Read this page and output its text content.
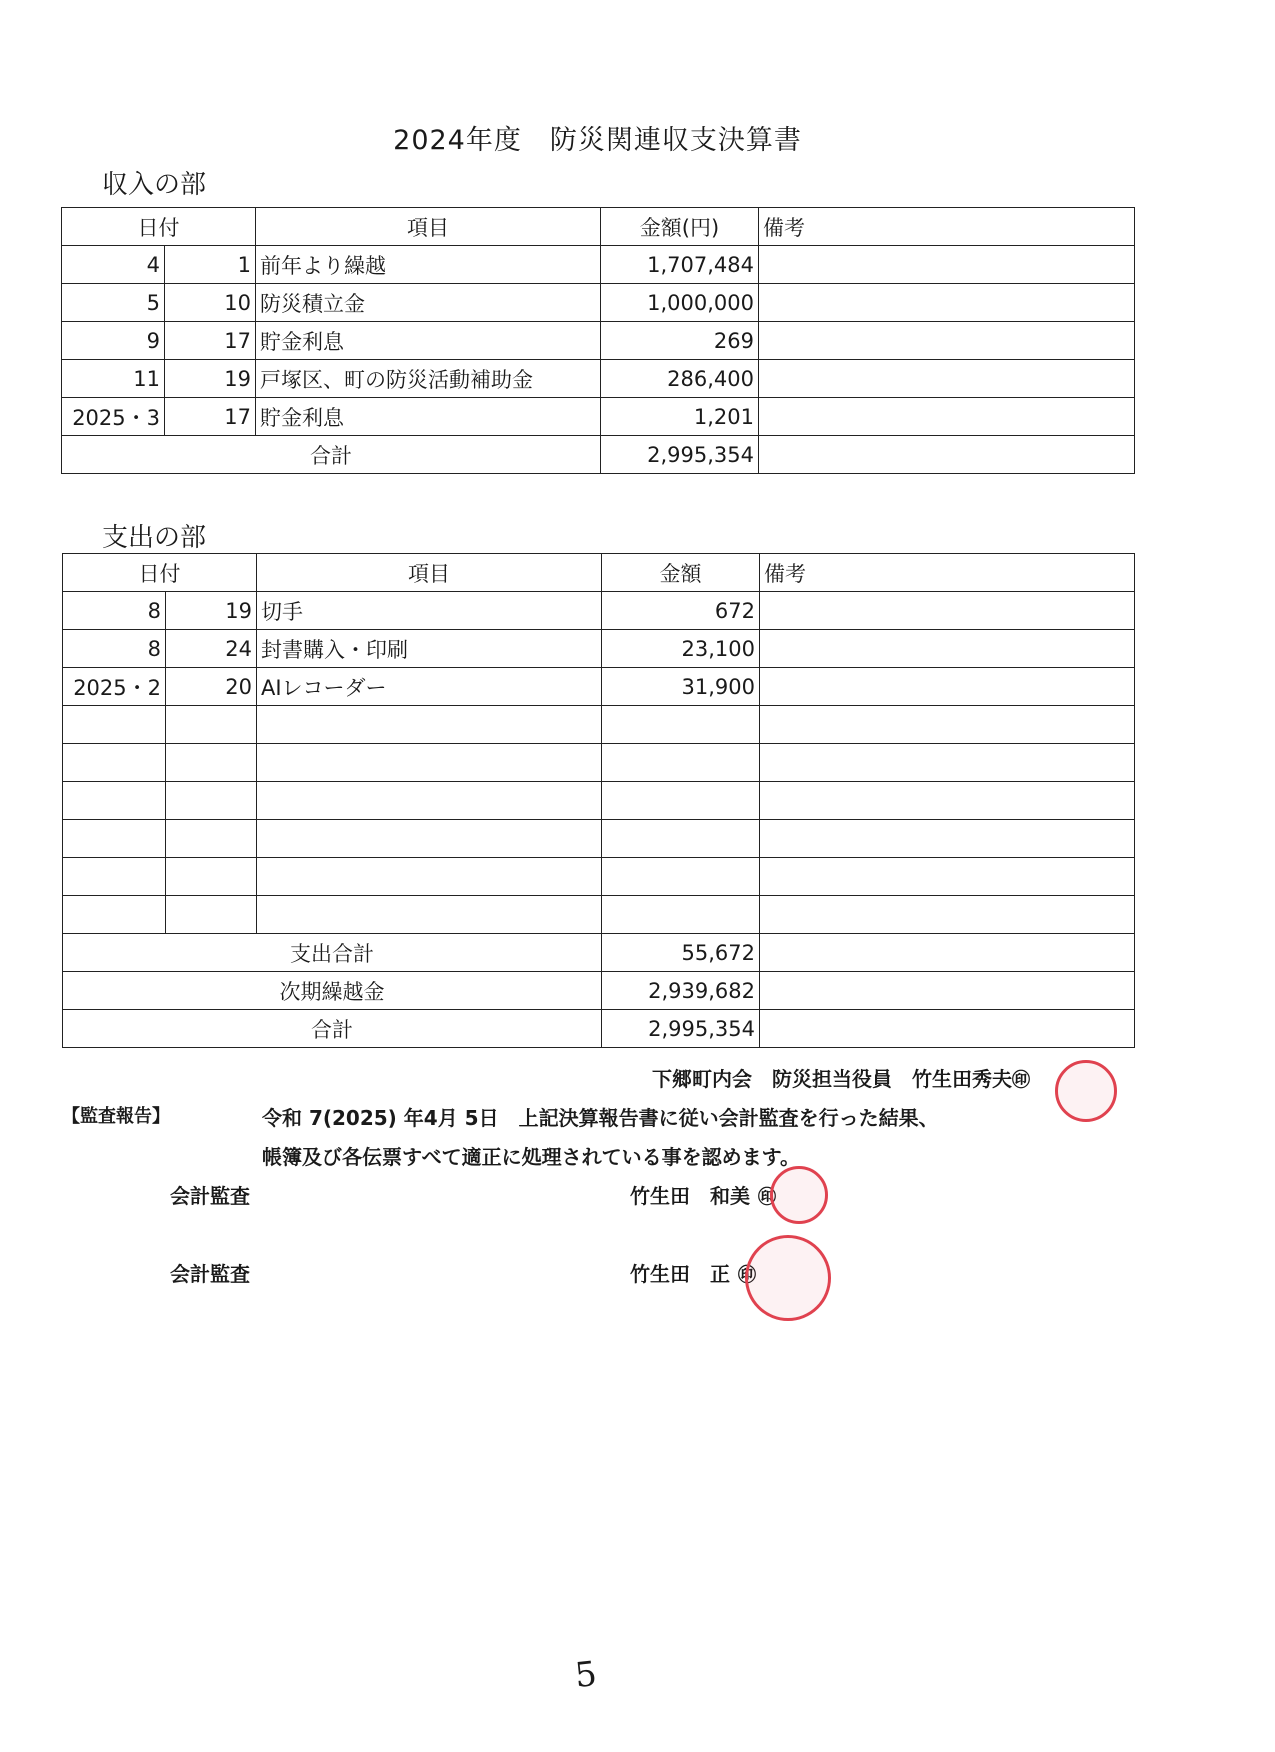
2024年度　防災関連収支決算書
収入の部
日付		項目	金額(円)	備考
4	1	前年より繰越	1,707,484	
5	10	防災積立金	1,000,000	
9	17	貯金利息	269	
11	19	戸塚区、町の防災活動補助金	286,400	
2025・3	17	貯金利息	1,201	
合計			2,995,354	
支出の部
日付		項目	金額	備考
8	19	切手	672	
8	24	封書購入・印刷	23,100	
2025・2	20	AIレコーダー	31,900	

支出合計			55,672	
次期繰越金			2,939,682	
合計			2,995,354	
下郷町内会　防災担当役員　竹生田秀夫㊞
【監査報告】	令和 7(2025) 年4月 5日　上記決算報告書に従い会計監査を行った結果、
帳簿及び各伝票すべて適正に処理されている事を認めます。
会計監査	竹生田　和美 ㊞
会計監査	竹生田　正 ㊞
5
